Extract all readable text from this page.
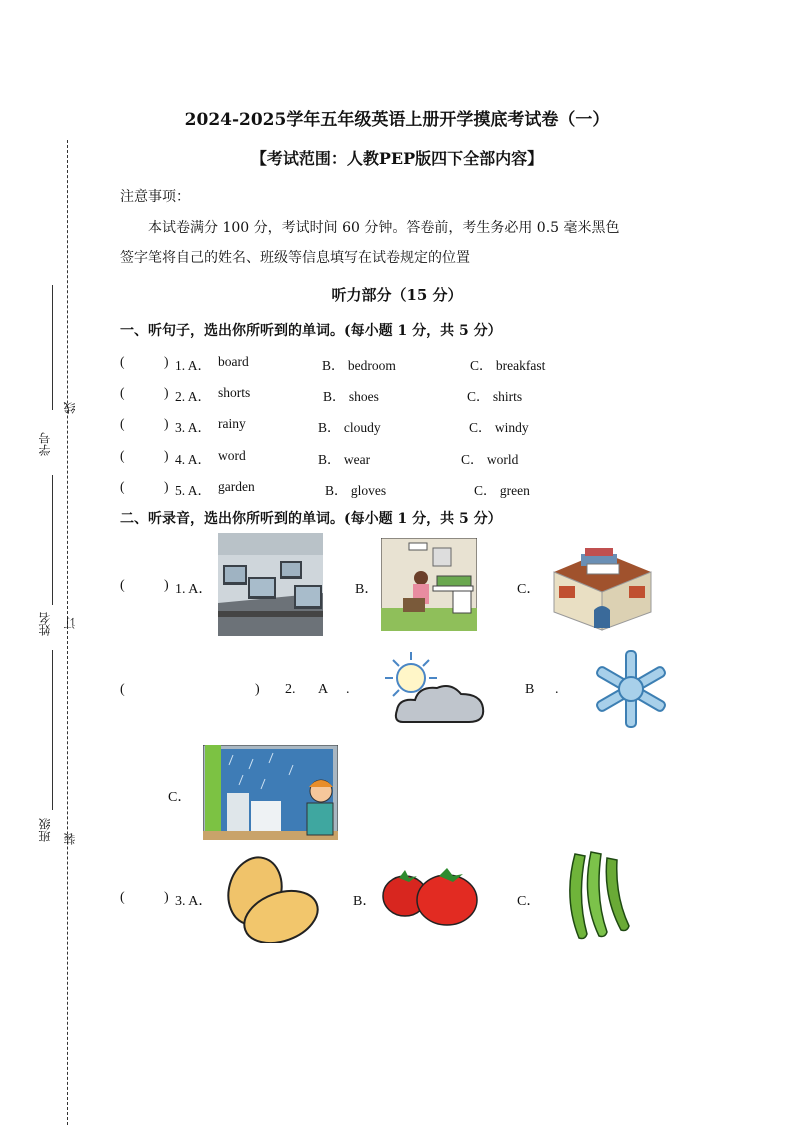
学号
线
姓名 订
班级 装
2024-2025学年五年级英语上册开学摸底考试卷（一）
【考试范围：人教PEP版四下全部内容】
注意事项：
本试卷满分 100 分，考试时间 60 分钟。答卷前，考生务必用 0.5 毫米黑色
签字笔将自己的姓名、班级等信息填写在试卷规定的位置
听力部分（15 分）
一、听句子，选出你所听到的单词。(每小题 1 分，共 5 分）
(	) 1. A． board	B． bedroom	C． breakfast
(	) 2. A． shorts	B． shoes	C． shirts
(	) 3. A． rainy	B． cloudy	C． windy
(	) 4. A． word	B． wear	C． world
(	) 5. A． garden	B． gloves	C． green
二、听录音，选出你所听到的单词。(每小题 1 分，共 5 分）
(	) 1. A．	B．	C．
(	) 2. A .	B .
C．
(	) 3. A．	B．	C．
